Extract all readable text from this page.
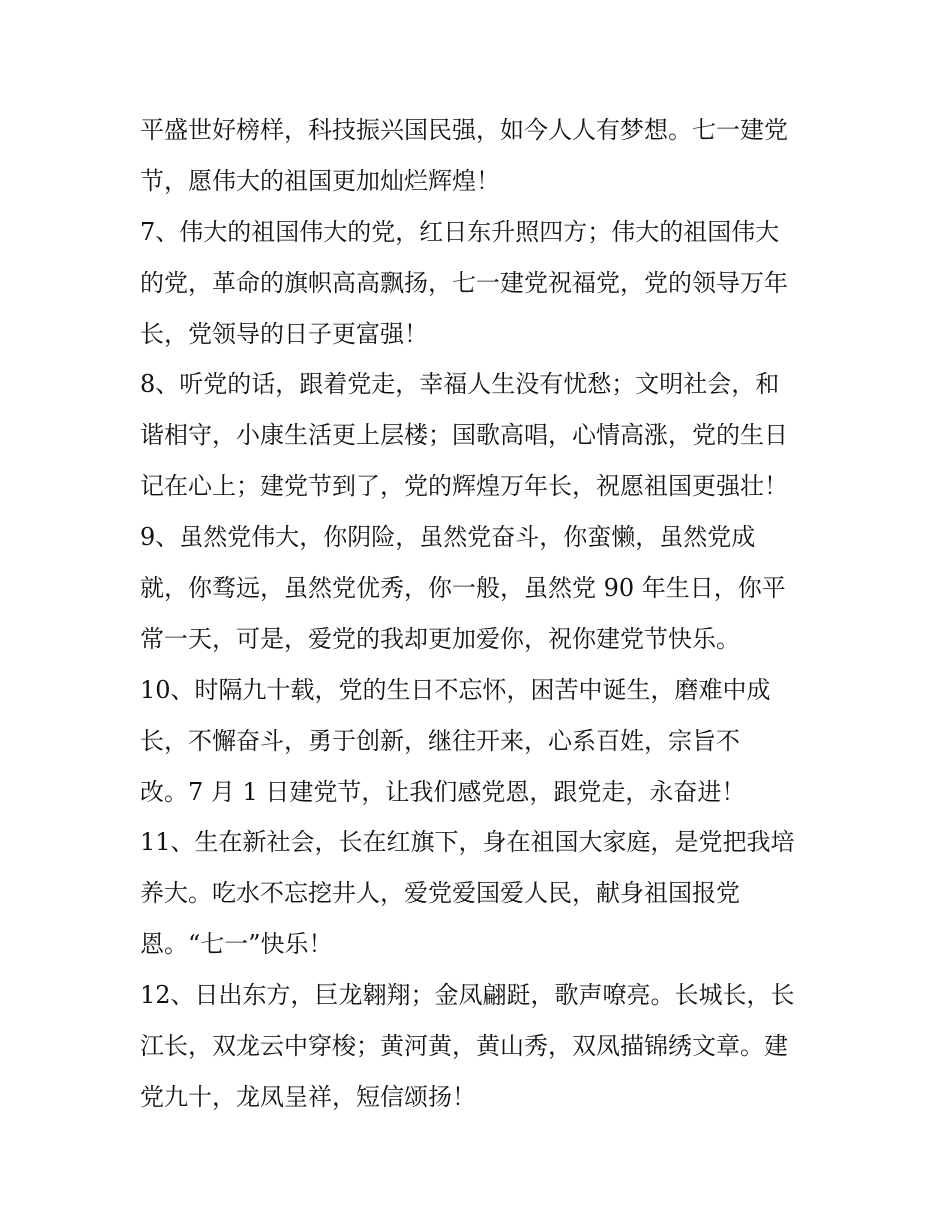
平盛世好榜样，科技振兴国民强，如今人人有梦想。七一建党
节，愿伟大的祖国更加灿烂辉煌！
7、伟大的祖国伟大的党，红日东升照四方；伟大的祖国伟大
的党，革命的旗帜高高飘扬，七一建党祝福党，党的领导万年
长，党领导的日子更富强！
8、听党的话，跟着党走，幸福人生没有忧愁；文明社会，和
谐相守，小康生活更上层楼；国歌高唱，心情高涨，党的生日
记在心上；建党节到了，党的辉煌万年长，祝愿祖国更强壮！
9、虽然党伟大，你阴险，虽然党奋斗，你蛮懒，虽然党成
就，你骛远，虽然党优秀，你一般，虽然党 90 年生日，你平
常一天，可是，爱党的我却更加爱你，祝你建党节快乐。
10、时隔九十载，党的生日不忘怀，困苦中诞生，磨难中成
长，不懈奋斗，勇于创新，继往开来，心系百姓，宗旨不
改。7 月 1 日建党节，让我们感党恩，跟党走，永奋进！
11、生在新社会，长在红旗下，身在祖国大家庭，是党把我培
养大。吃水不忘挖井人，爱党爱国爱人民，献身祖国报党
恩。“七一”快乐！
12、日出东方，巨龙翱翔；金凤翩跹，歌声嘹亮。长城长，长
江长，双龙云中穿梭；黄河黄，黄山秀，双凤描锦绣文章。建
党九十，龙凤呈祥，短信颂扬！
